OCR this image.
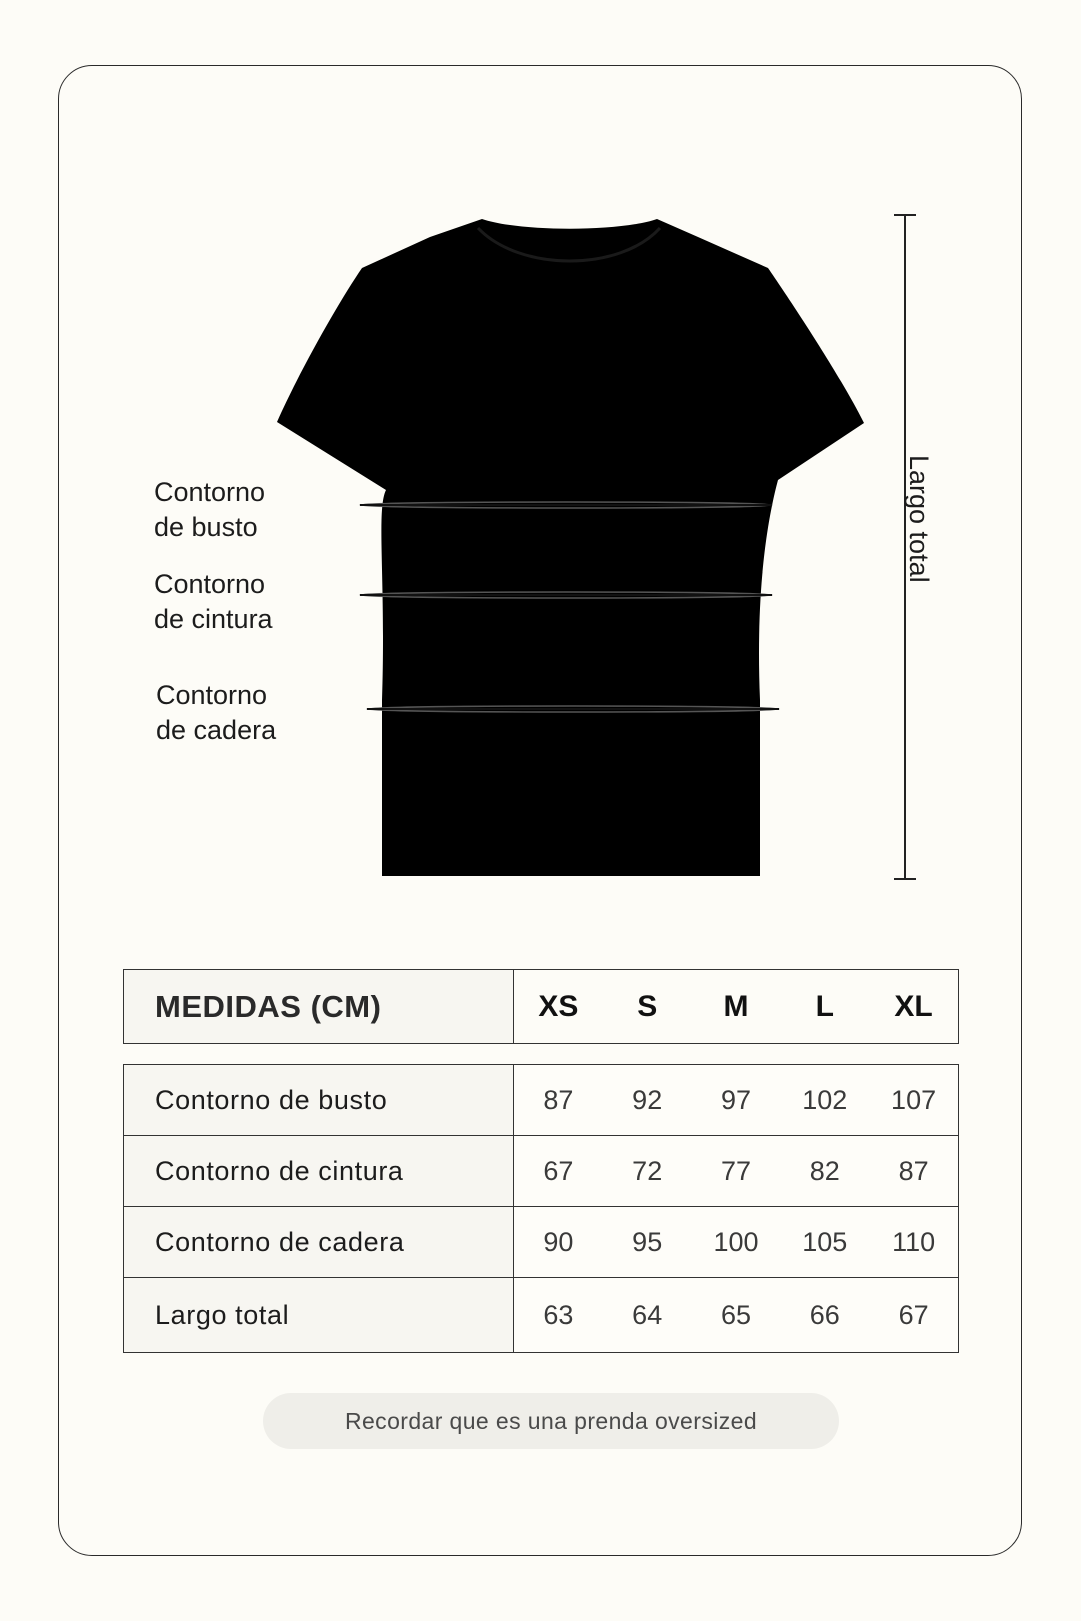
Contorno
de busto
Contorno
de cintura
Contorno
de cadera
Largo total
MEDIDAS (CM)	XS	S	M	L	XL
Contorno de busto	87	92	97	102	107
Contorno de cintura	67	72	77	82	87
Contorno de cadera	90	95	100	105	110
Largo total	63	64	65	66	67
Recordar que es una prenda oversized
